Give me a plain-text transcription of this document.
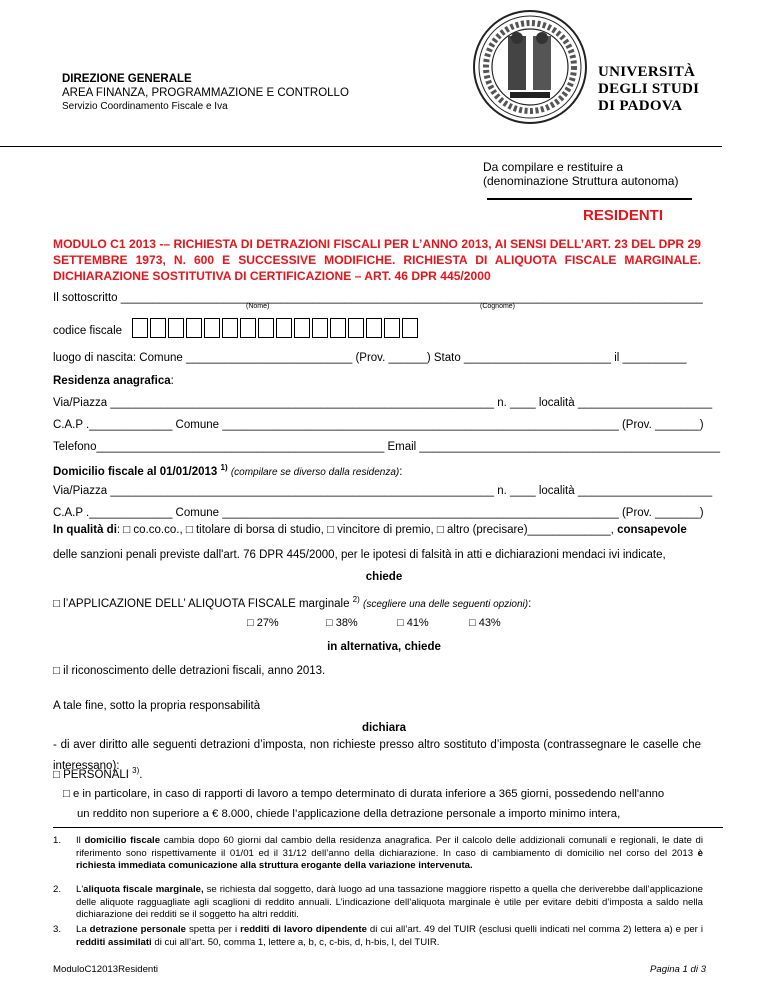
DIREZIONE GENERALE
AREA FINANZA, PROGRAMMAZIONE E CONTROLLO
Servizio Coordinamento Fiscale e Iva
UNIVERSITÀ
DEGLI STUDI
DI PADOVA
Da compilare e restituire a
(denominazione Struttura autonoma)
RESIDENTI
MODULO C1 2013 -– RICHIESTA DI DETRAZIONI FISCALI PER L’ANNO 2013, AI SENSI DELL’ART. 23 DEL DPR 29 SETTEMBRE 1973, N. 600 E SUCCESSIVE MODIFICHE. RICHIESTA DI ALIQUOTA FISCALE MARGINALE. DICHIARAZIONE SOSTITUTIVA DI CERTIFICAZIONE – ART. 46 DPR 445/2000
Il sottoscritto ___________________________________________________________________________________________
(Nome)	(Cognome)
codice fiscale
luogo di nascita: Comune __________________________ (Prov. ______) Stato _______________________ il __________
Residenza anagrafica:
Via/Piazza ____________________________________________________________ n. ____ località _____________________
C.A.P ._____________ Comune ______________________________________________________________ (Prov. _______)
Telefono_____________________________________________ Email _______________________________________________
Domicilio fiscale al 01/01/2013 $^{1)}$ (compilare se diverso dalla residenza):
Via/Piazza ____________________________________________________________ n. ____ località _____________________
C.A.P ._____________ Comune ______________________________________________________________ (Prov. _______)
In qualità di: □ co.co.co., □ titolare di borsa di studio, □ vincitore di premio, □ altro (precisare)_____________, consapevole
delle sanzioni penali previste dall'art. 76 DPR 445/2000, per le ipotesi di falsità in atti e dichiarazioni mendaci ivi indicate,
chiede
□ l’APPLICAZIONE DELL’ ALIQUOTA FISCALE marginale $^{2)}$ (scegliere una delle seguenti opzioni):
□ 27%	□ 38%	□ 41%	□ 43%
in alternativa, chiede
□ il riconoscimento delle detrazioni fiscali, anno 2013.
A tale fine, sotto la propria responsabilità
dichiara
- di aver diritto alle seguenti detrazioni d’imposta, non richieste presso altro sostituto d’imposta (contrassegnare le caselle che interessano):
□ PERSONALI $^{3)}$.
□ e in particolare, in caso di rapporti di lavoro a tempo determinato di durata inferiore a 365 giorni, possedendo nell'anno
un reddito non superiore a € 8.000, chiede l’applicazione della detrazione personale a importo minimo intera,
1. Il domicilio fiscale cambia dopo 60 giorni dal cambio della residenza anagrafica. Per il calcolo delle addizionali comunali e regionali, le date di riferimento sono rispettivamente il 01/01 ed il 31/12 dell’anno della dichiarazione. In caso di cambiamento di domicilio nel corso del 2013 è richiesta immediata comunicazione alla struttura erogante della variazione intervenuta.
2. L'aliquota fiscale marginale, se richiesta dal soggetto, darà luogo ad una tassazione maggiore rispetto a quella che deriverebbe dall’applicazione delle aliquote ragguagliate agli scaglioni di reddito annuali. L’indicazione dell’aliquota marginale è utile per evitare debiti d’imposta a saldo nella dichiarazione dei redditi se il soggetto ha altri redditi.
3. La detrazione personale spetta per i redditi di lavoro dipendente di cui all’art. 49 del TUIR (esclusi quelli indicati nel comma 2) lettera a) e per i redditi assimilati di cui all’art. 50, comma 1, lettere a, b, c, c-bis, d, h-bis, l, del TUIR.
ModuloC12013Residenti	Pagina 1 di 3
